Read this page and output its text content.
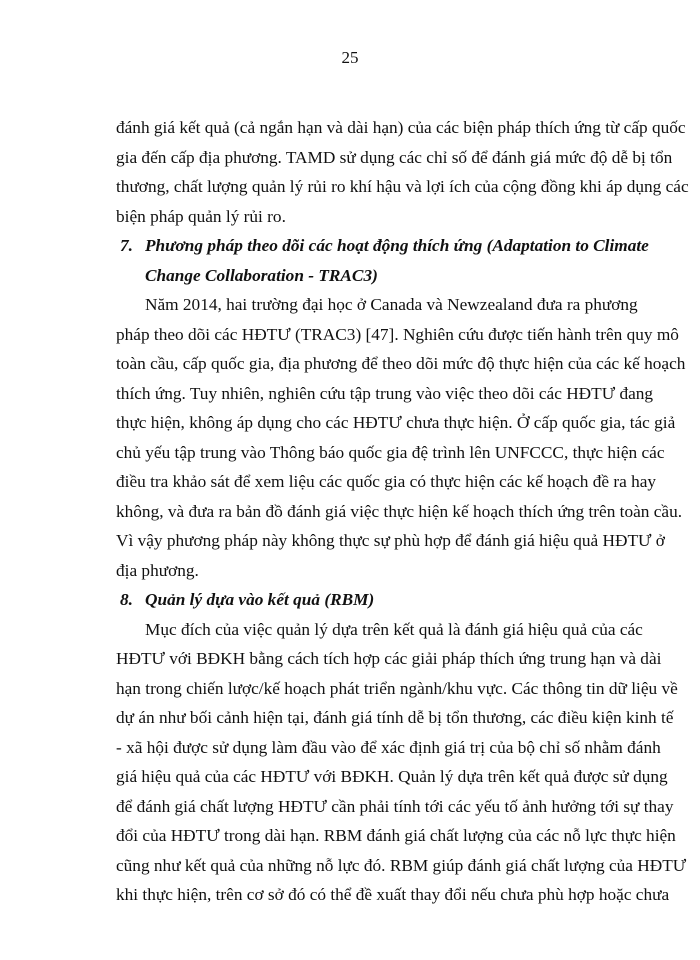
25
đánh giá kết quả (cả ngắn hạn và dài hạn) của các biện pháp thích ứng từ cấp quốc
gia đến cấp địa phương. TAMD sử dụng các chỉ số để đánh giá mức độ dễ bị tổn
thương, chất lượng quản lý rủi ro khí hậu và lợi ích của cộng đồng khi áp dụng các
biện pháp quản lý rủi ro.
7. Phương pháp theo dõi các hoạt động thích ứng (Adaptation to Climate
Change Collaboration - TRAC3)
Năm 2014, hai trường đại học ở Canada và Newzealand đưa ra phương
pháp theo dõi các HĐTƯ (TRAC3) [47]. Nghiên cứu được tiến hành trên quy mô
toàn cầu, cấp quốc gia, địa phương để theo dõi mức độ thực hiện của các kế hoạch
thích ứng. Tuy nhiên, nghiên cứu tập trung vào việc theo dõi các HĐTƯ đang
thực hiện, không áp dụng cho các HĐTƯ chưa thực hiện. Ở cấp quốc gia, tác giả
chủ yếu tập trung vào Thông báo quốc gia đệ trình lên UNFCCC, thực hiện các
điều tra khảo sát để xem liệu các quốc gia có thực hiện các kế hoạch đề ra hay
không, và đưa ra bản đồ đánh giá việc thực hiện kế hoạch thích ứng trên toàn cầu.
Vì vậy phương pháp này không thực sự phù hợp để đánh giá hiệu quả HĐTƯ ở
địa phương.
8. Quản lý dựa vào kết quả (RBM)
Mục đích của việc quản lý dựa trên kết quả là đánh giá hiệu quả của các
HĐTƯ với BĐKH bằng cách tích hợp các giải pháp thích ứng trung hạn và dài
hạn trong chiến lược/kế hoạch phát triển ngành/khu vực. Các thông tin dữ liệu về
dự án như bối cảnh hiện tại, đánh giá tính dễ bị tổn thương, các điều kiện kinh tế
- xã hội được sử dụng làm đầu vào để xác định giá trị của bộ chỉ số nhằm đánh
giá hiệu quả của các HĐTƯ với BĐKH. Quản lý dựa trên kết quả được sử dụng
để đánh giá chất lượng HĐTƯ cần phải tính tới các yếu tố ảnh hưởng tới sự thay
đổi của HĐTƯ trong dài hạn. RBM đánh giá chất lượng của các nỗ lực thực hiện
cũng như kết quả của những nỗ lực đó. RBM giúp đánh giá chất lượng của HĐTƯ
khi thực hiện, trên cơ sở đó có thể đề xuất thay đổi nếu chưa phù hợp hoặc chưa
